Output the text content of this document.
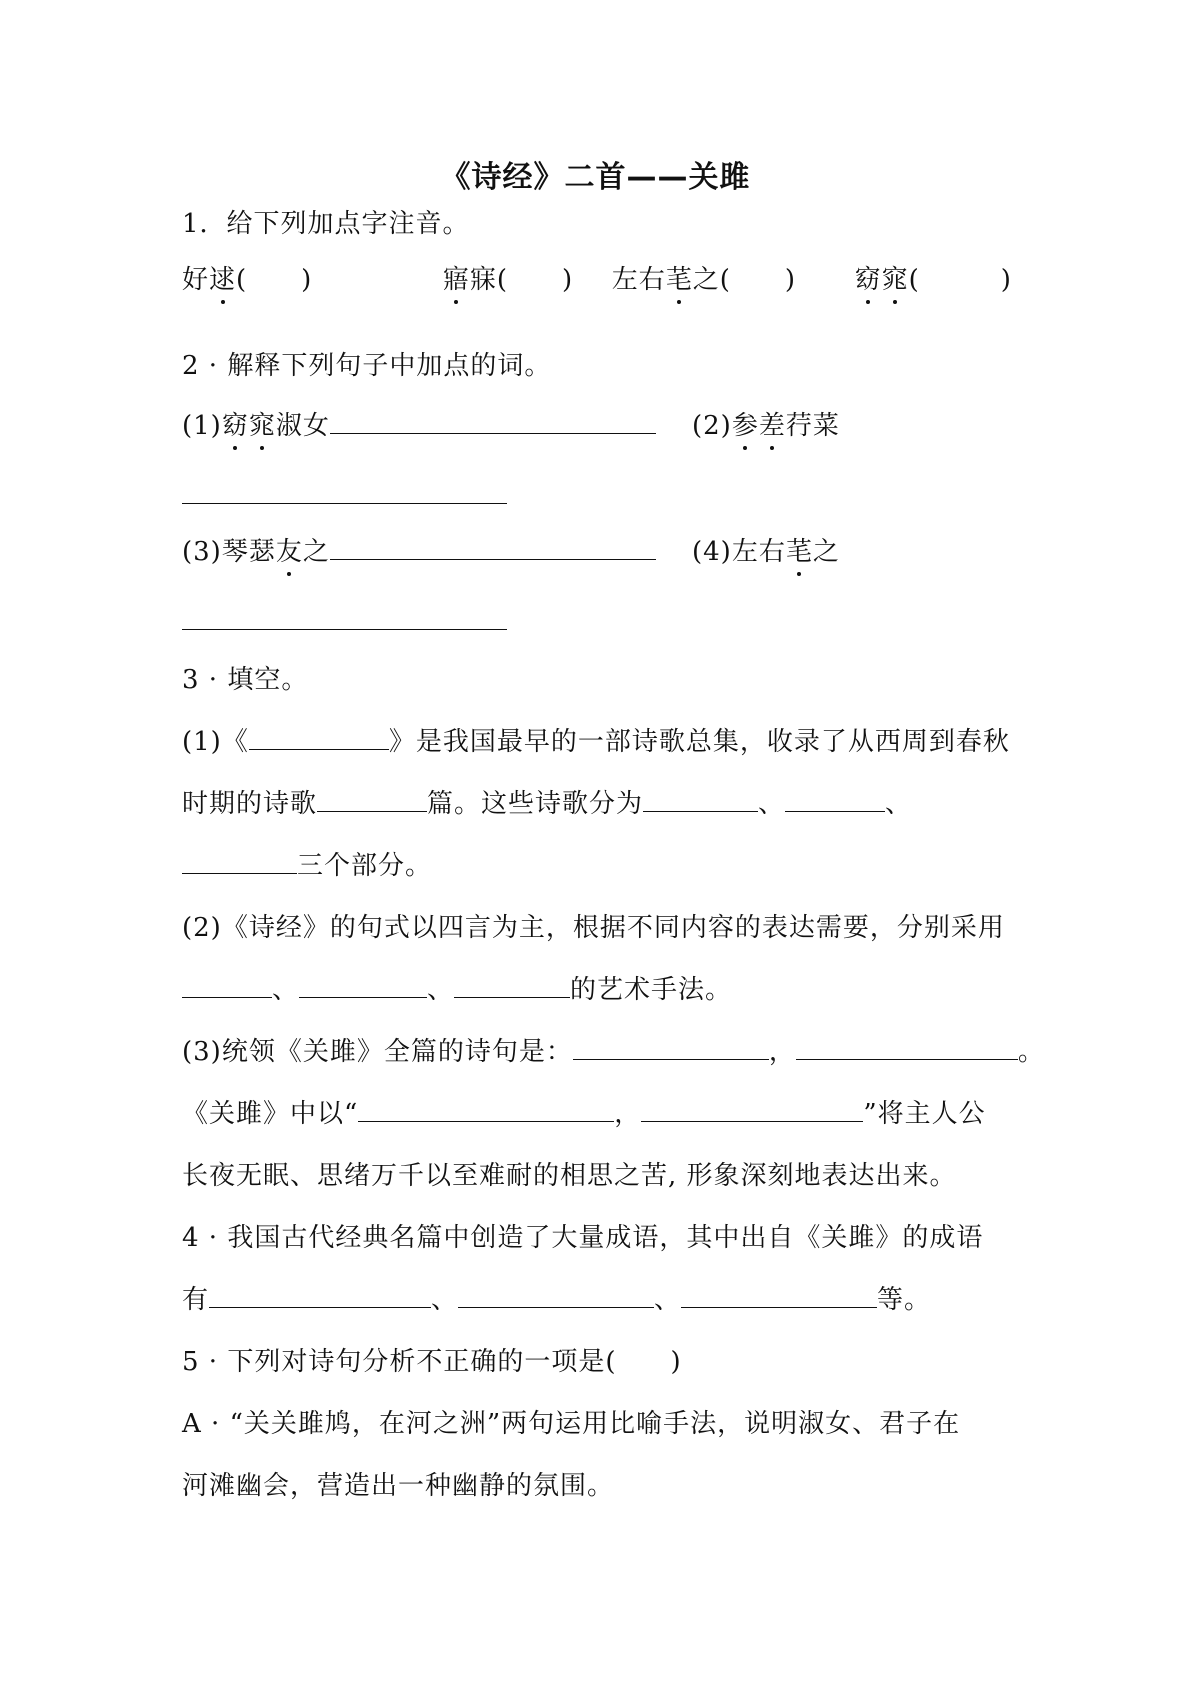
《诗经》二首——关雎
1．给下列加点字注音。
好逑(　　)	寤寐(　　) 左右芼之(　　) 窈窕(　　　)
2 · 解释下列句子中加点的词。
(1)窈窕淑女	(2)参差荇菜
(3)琴瑟友之	(4)左右芼之
3 · 填空。
(1)《	》是我国最早的一部诗歌总集，收录了从西周到春秋
时期的诗歌	篇。这些诗歌分为	、	、
三个部分。
(2)《诗经》的句式以四言为主，根据不同内容的表达需要，分别采用
、	、	的艺术手法。
(3)统领《关雎》全篇的诗句是：	，	。
《关雎》中以“	，	”将主人公
长夜无眠、思绪万千以至难耐的相思之苦, 形象深刻地表达出来。
4 · 我国古代经典名篇中创造了大量成语，其中出自《关雎》的成语
有	、	、	等。
5 · 下列对诗句分析不正确的一项是(　　)
A · “关关雎鸠，在河之洲”两句运用比喻手法，说明淑女、君子在
河滩幽会，营造出一种幽静的氛围。
